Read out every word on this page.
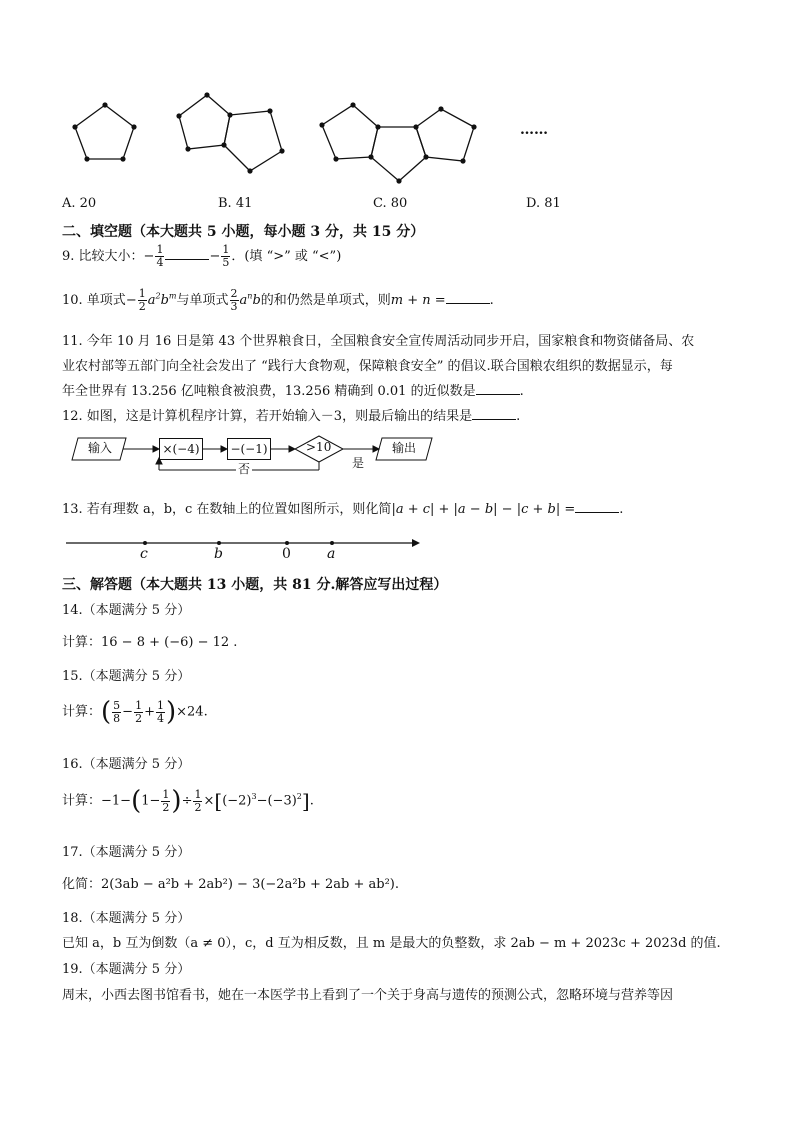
……
A. 20	B. 41	C. 80	D. 81
二、填空题（本大题共 5 小题，每小题 3 分，共 15 分）
9. 比较大小：− $\frac{1}{4}$	− $\frac{1}{5}$ ．(填 “>” 或 “<”)
10. 单项式− $\frac{1}{2} a^2b^m$与单项式 $\frac{2}{3} a^nb$的和仍然是单项式，则m + n =	.
11. 今年 10 月 16 日是第 43 个世界粮食日，全国粮食安全宣传周活动同步开启，国家粮食和物资储备局、农
业农村部等五部门向全社会发出了 “践行大食物观，保障粮食安全” 的倡议.联合国粮农组织的数据显示，每
年全世界有 13.256 亿吨粮食被浪费，13.256 精确到 0.01 的近似数是	.
12. 如图，这是计算机程序计算，若开始输入－3，则最后输出的结果是	.
输入	×(−4)	−(−1)	>10
是
否
输出
13. 若有理数 a，b，c 在数轴上的位置如图所示，则化简|a + c| + |a − b| − |c + b| =	.
c	b	0	a
三、解答题（本大题共 13 小题，共 81 分.解答应写出过程）
14.（本题满分 5 分）
计算：16 − 8 + (−6) − 12 .
15.（本题满分 5 分）
计算：( $\frac{5}{8} - \frac{1}{2} + \frac{1}{4} )\times 24$.
16.（本题满分 5 分）
计算：$-1-(1- \frac{1}{2}$ )÷ $\frac{1}{2} \times[(-2)^3-(-3)^2]$.
17.（本题满分 5 分）
化简：2(3ab − a²b + 2ab²) − 3(−2a²b + 2ab + ab²).
18.（本题满分 5 分）
已知 a，b 互为倒数（a ≠ 0），c，d 互为相反数，且 m 是最大的负整数，求 2ab − m + 2023c + 2023d 的值.
19.（本题满分 5 分）
周末，小西去图书馆看书，她在一本医学书上看到了一个关于身高与遗传的预测公式，忽略环境与营养等因
